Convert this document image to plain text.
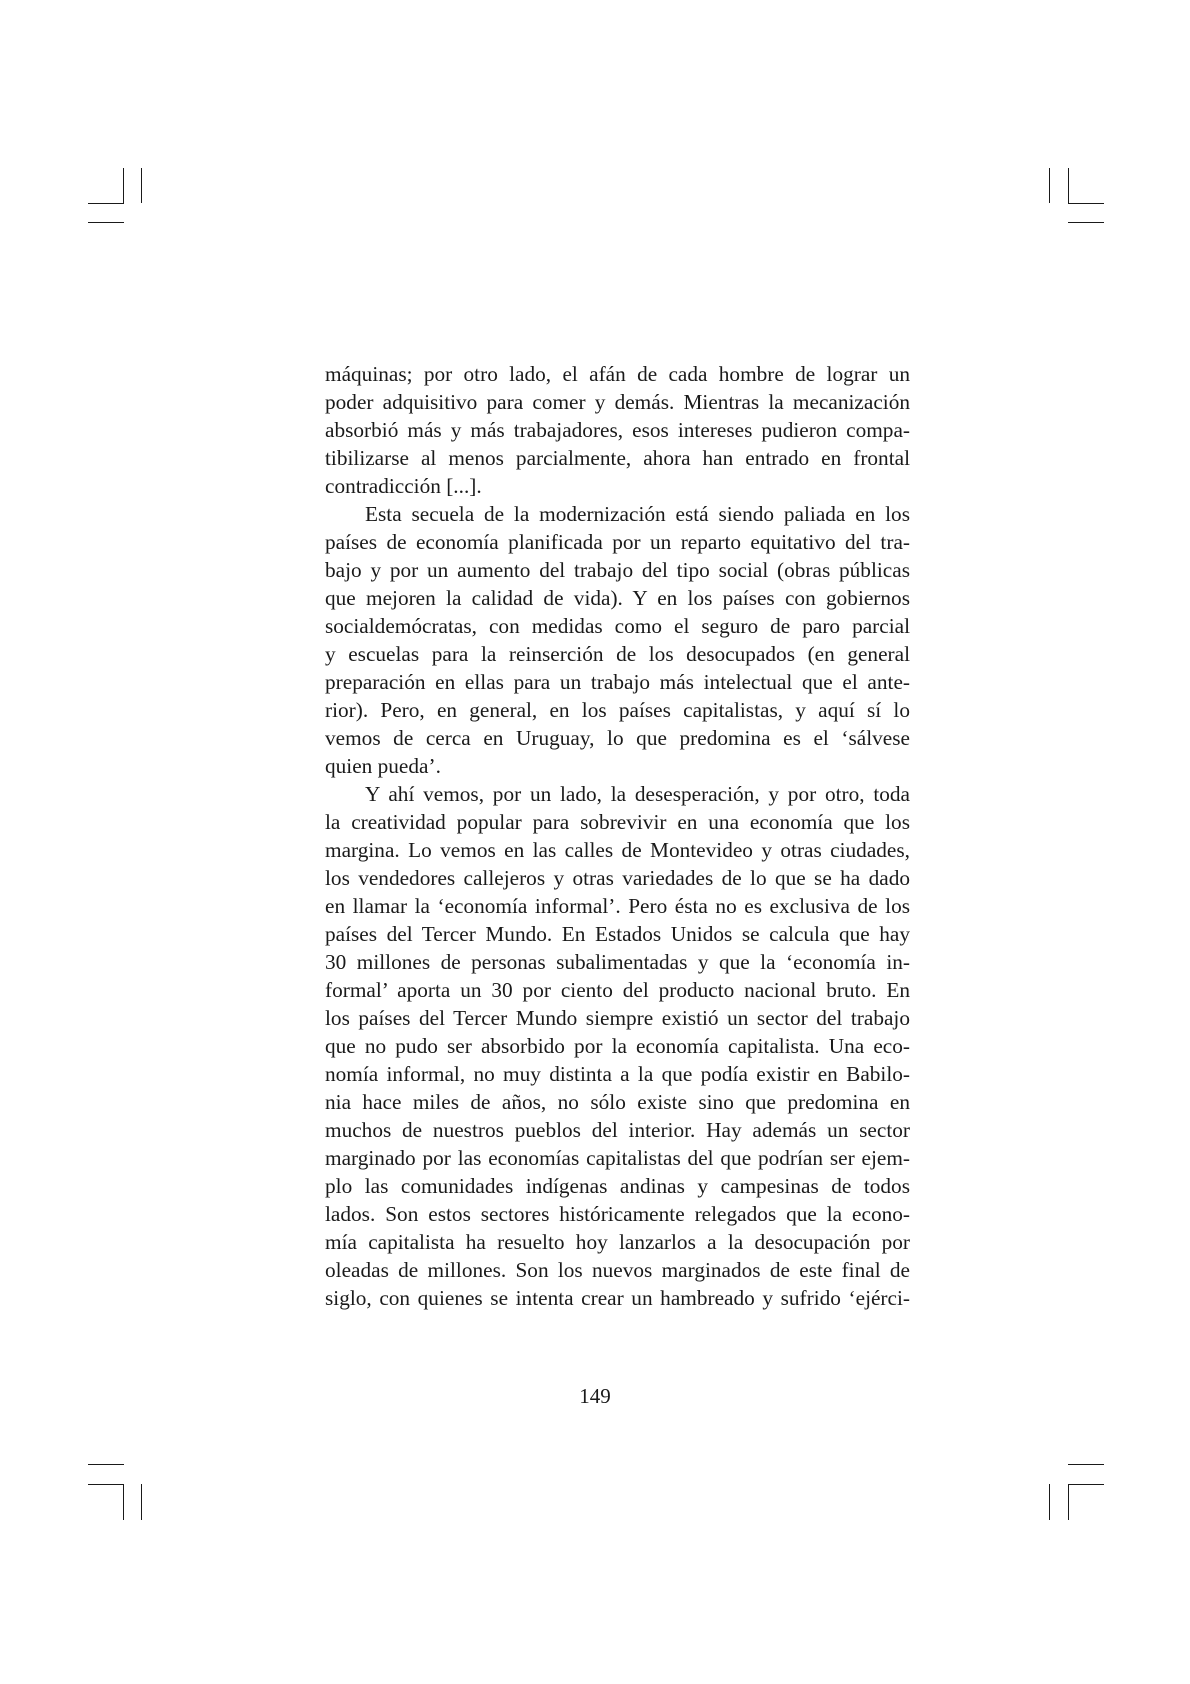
máquinas; por otro lado, el afán de cada hombre de lograr un
poder adquisitivo para comer y demás. Mientras la mecanización
absorbió más y más trabajadores, esos intereses pudieron compa-
tibilizarse al menos parcialmente, ahora han entrado en frontal
contradicción [...].
Esta secuela de la modernización está siendo paliada en los
países de economía planificada por un reparto equitativo del tra-
bajo y por un aumento del trabajo del tipo social (obras públicas
que mejoren la calidad de vida). Y en los países con gobiernos
socialdemócratas, con medidas como el seguro de paro parcial
y escuelas para la reinserción de los desocupados (en general
preparación en ellas para un trabajo más intelectual que el ante-
rior). Pero, en general, en los países capitalistas, y aquí sí lo
vemos de cerca en Uruguay, lo que predomina es el ‘sálvese
quien pueda’.
Y ahí vemos, por un lado, la desesperación, y por otro, toda
la creatividad popular para sobrevivir en una economía que los
margina. Lo vemos en las calles de Montevideo y otras ciudades,
los vendedores callejeros y otras variedades de lo que se ha dado
en llamar la ‘economía informal’. Pero ésta no es exclusiva de los
países del Tercer Mundo. En Estados Unidos se calcula que hay
30 millones de personas subalimentadas y que la ‘economía in-
formal’ aporta un 30 por ciento del producto nacional bruto. En
los países del Tercer Mundo siempre existió un sector del trabajo
que no pudo ser absorbido por la economía capitalista. Una eco-
nomía informal, no muy distinta a la que podía existir en Babilo-
nia hace miles de años, no sólo existe sino que predomina en
muchos de nuestros pueblos del interior. Hay además un sector
marginado por las economías capitalistas del que podrían ser ejem-
plo las comunidades indígenas andinas y campesinas de todos
lados. Son estos sectores históricamente relegados que la econo-
mía capitalista ha resuelto hoy lanzarlos a la desocupación por
oleadas de millones. Son los nuevos marginados de este final de
siglo, con quienes se intenta crear un hambreado y sufrido ‘ejérci-
149
